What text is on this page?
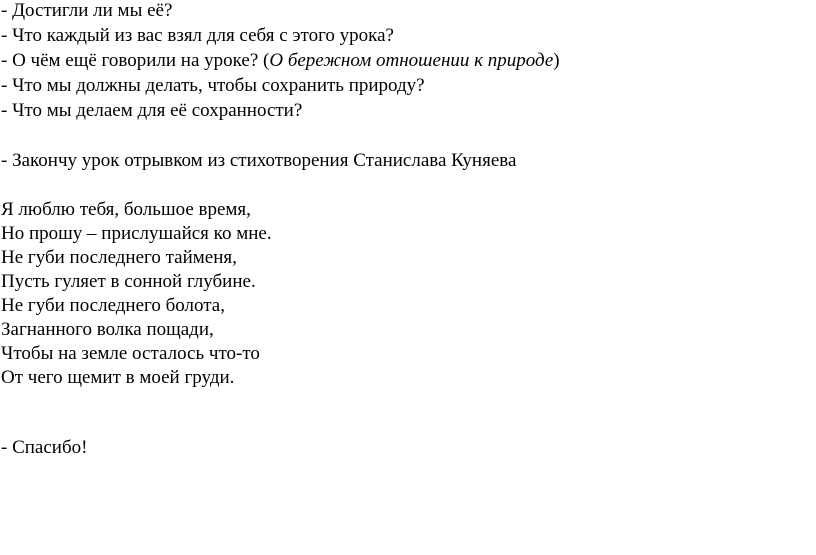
- Достигли ли мы её?
- Что каждый из вас взял для себя с этого урока?
- О чём ещё говорили на уроке? (О бережном отношении к природе)
- Что мы должны делать, чтобы сохранить природу?
- Что мы делаем для её сохранности?
- Закончу урок отрывком из стихотворения Станислава Куняева
Я люблю тебя, большое время,
Но прошу – прислушайся ко мне.
Не губи последнего тайменя,
Пусть гуляет в сонной глубине.
Не губи последнего болота,
Загнанного волка пощади,
Чтобы на земле осталось что-то
От чего щемит в моей груди.
- Спасибо!
